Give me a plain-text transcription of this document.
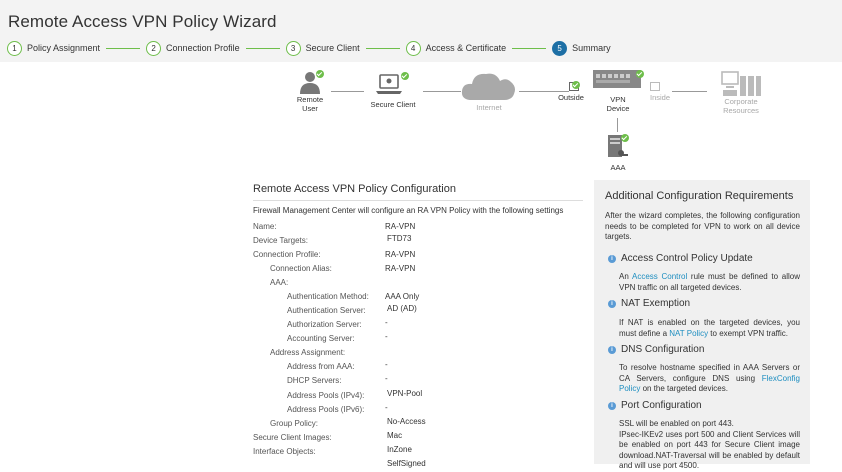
Remote Access VPN Policy Wizard
1	Policy Assignment	2	Connection Profile	3	Secure Client	4	Access & Certificate	5	Summary
Remote
User	Secure Client	Internet
Outside	VPN
Device
Inside	Corporate
Resources
AAA
Remote Access VPN Policy Configuration
Firewall Management Center will configure an RA VPN Policy with the following settings
Name:	RA-VPN
Device Targets:	FTD73
Connection Profile:	RA-VPN
Connection Alias:	RA-VPN
AAA:
Authentication Method: AAA Only
Authentication Server:	AD (AD)
Authorization Server:	-
Accounting Server:	-
Address Assignment:
Address from AAA:	-
DHCP Servers:	-
Address Pools (IPv4):	VPN-Pool
Address Pools (IPv6):	-
Group Policy:	No-Access
Secure Client Images:	Mac
Interface Objects:	InZone
SelfSigned
Additional Configuration Requirements
After the wizard completes, the following configuration needs to be completed for VPN to work on all device targets.
i Access Control Policy Update
An Access Control rule must be defined to allow VPN traffic on all targeted devices.
i NAT Exemption
If NAT is enabled on the targeted devices, you must define a NAT Policy to exempt VPN traffic.
i DNS Configuration
To resolve hostname specified in AAA Servers or CA Servers, configure DNS using FlexConfig Policy on the targeted devices.
i Port Configuration
SSL will be enabled on port 443.
IPsec-IKEv2 uses port 500 and Client Services will be enabled on port 443 for Secure Client image download.NAT-Traversal will be enabled by default and will use port 4500.
